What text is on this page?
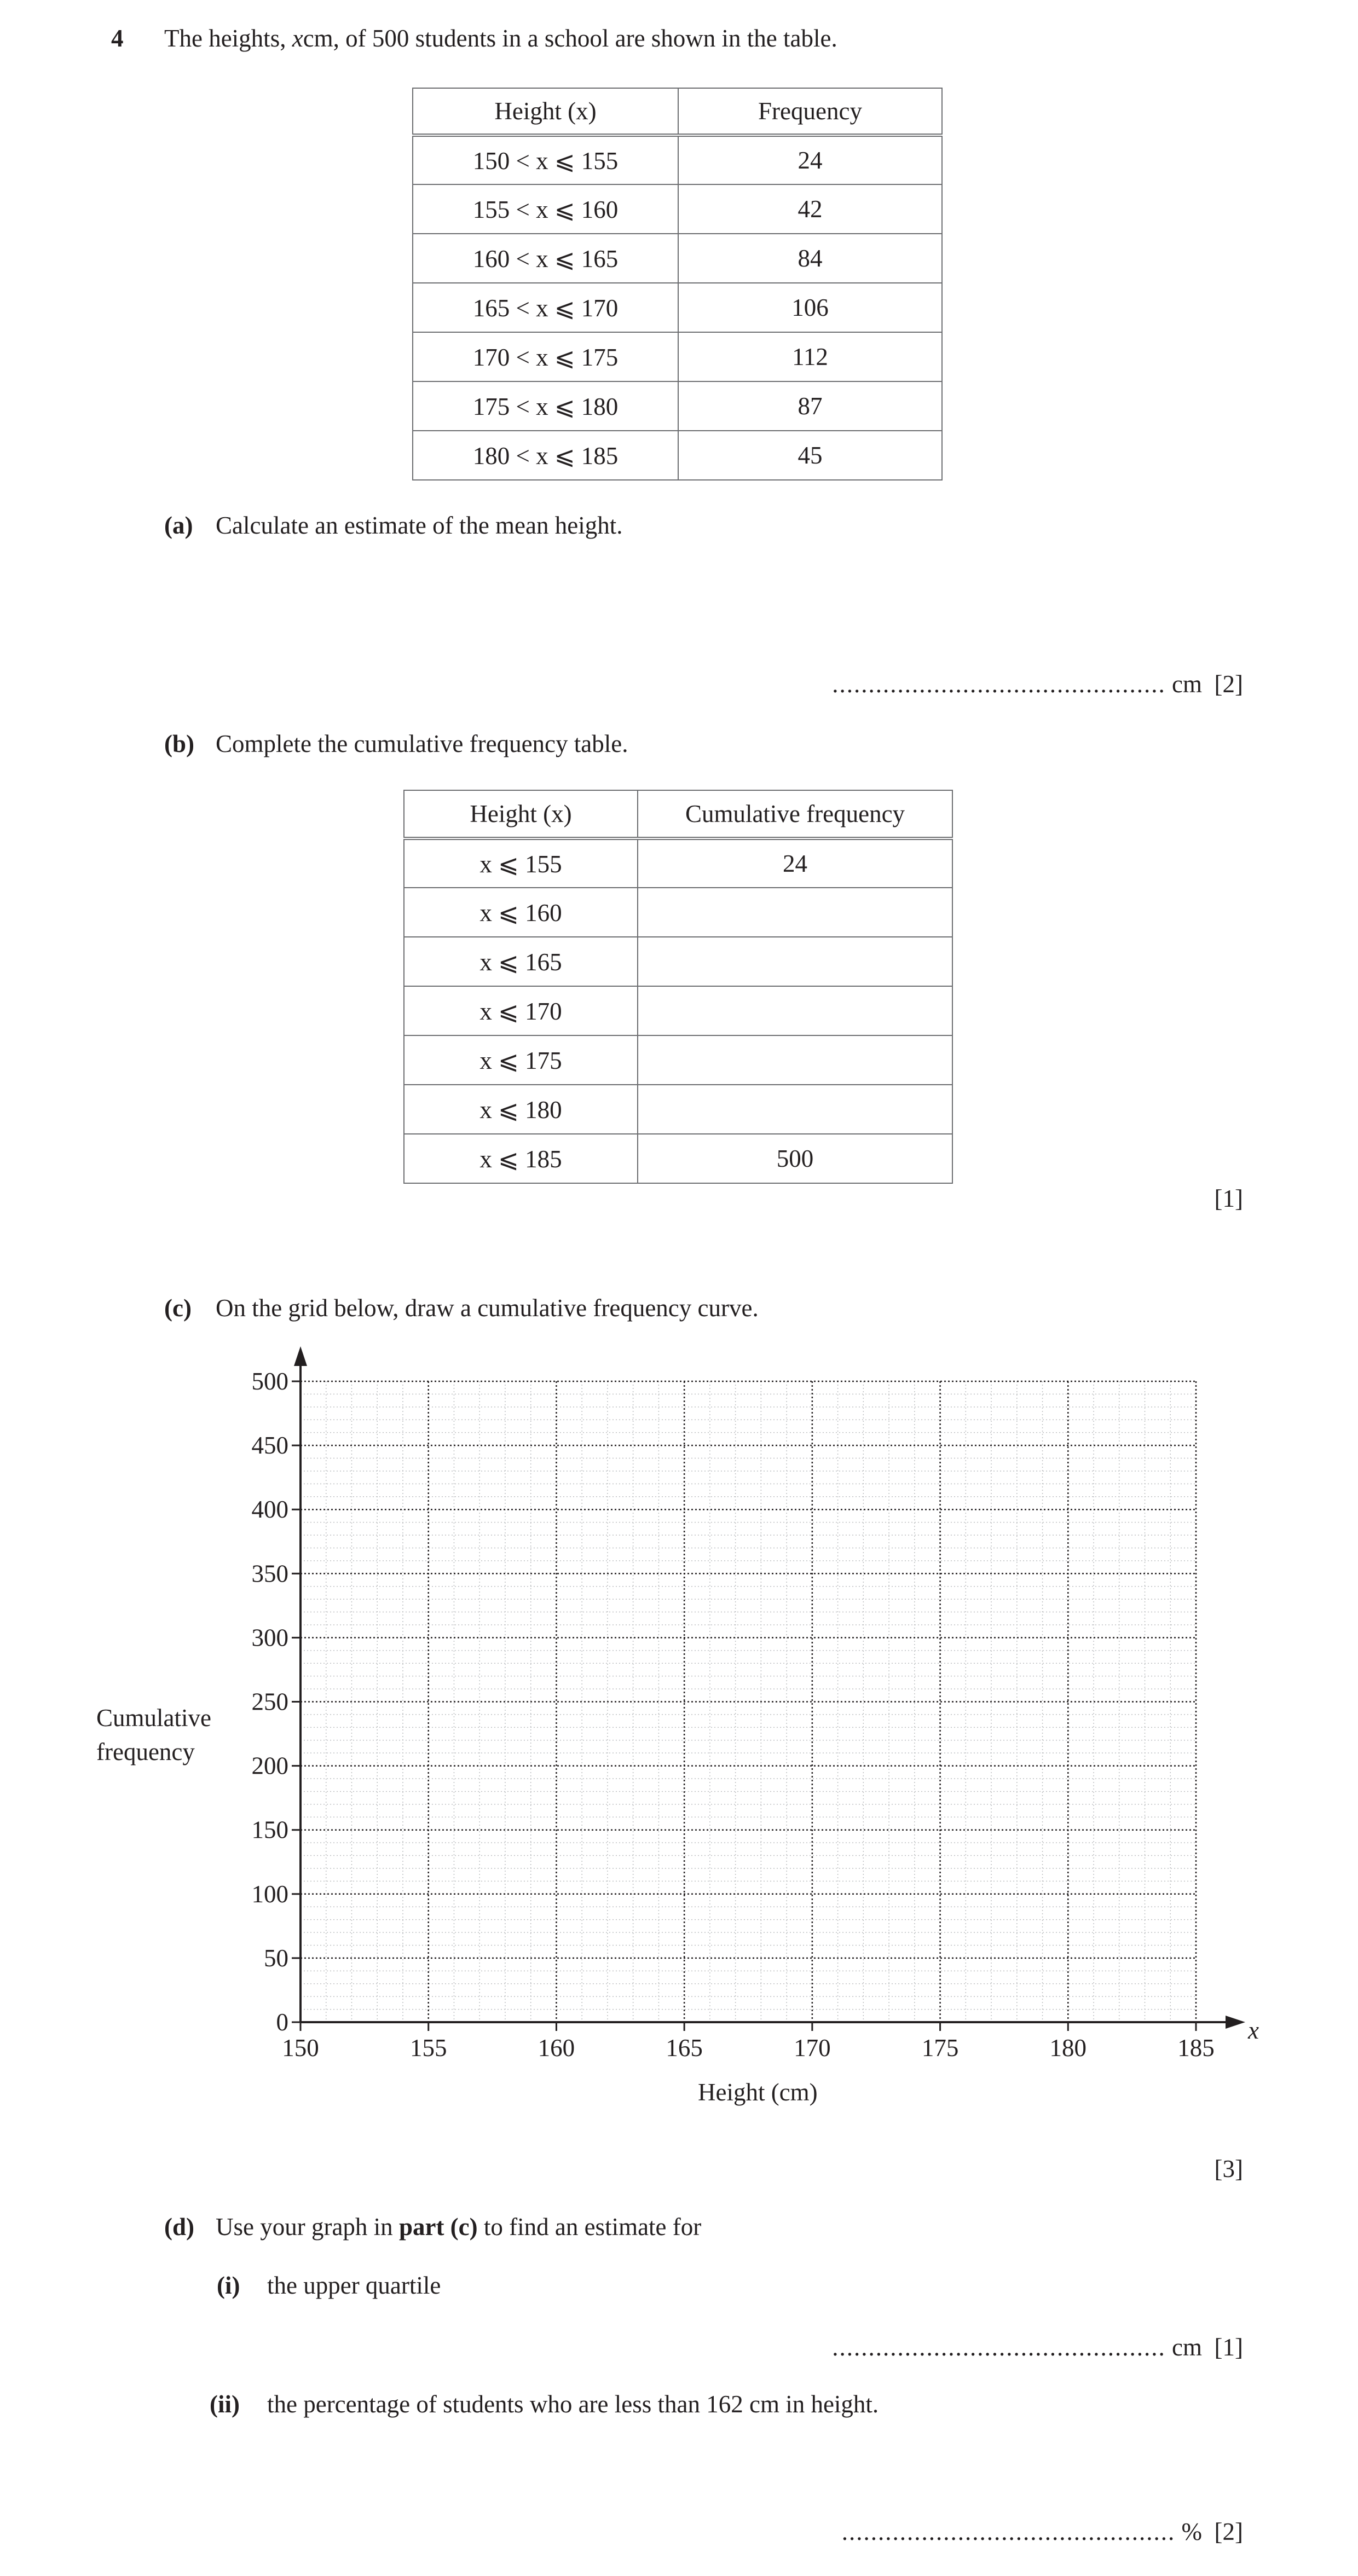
4 The heights, xcm, of 500 students in a school are shown in the table.
Height (x)	Frequency
150 < x ⩽ 155	24
155 < x ⩽ 160	42
160 < x ⩽ 165	84
165 < x ⩽ 170	106
170 < x ⩽ 175	112
175 < x ⩽ 180	87
180 < x ⩽ 185	45
(a) Calculate an estimate of the mean height.
.............................................. cm [2]
(b) Complete the cumulative frequency table.
Height (x)	Cumulative frequency
x ⩽ 155	24
x ⩽ 160	
x ⩽ 165	
x ⩽ 170	
x ⩽ 175	
x ⩽ 180	
x ⩽ 185	500
[1]
(c) On the grid below, draw a cumulative frequency curve.
Cumulative frequency
x
0
50
100
150
200
250
300
350
400
450
500
150	155	160	165	170	175	180	185
Height (cm)
[3]
(d) Use your graph in part (c) to find an estimate for
(i) the upper quartile
.............................................. cm [1]
(ii) the percentage of students who are less than 162 cm in height.
.............................................. % [2]
